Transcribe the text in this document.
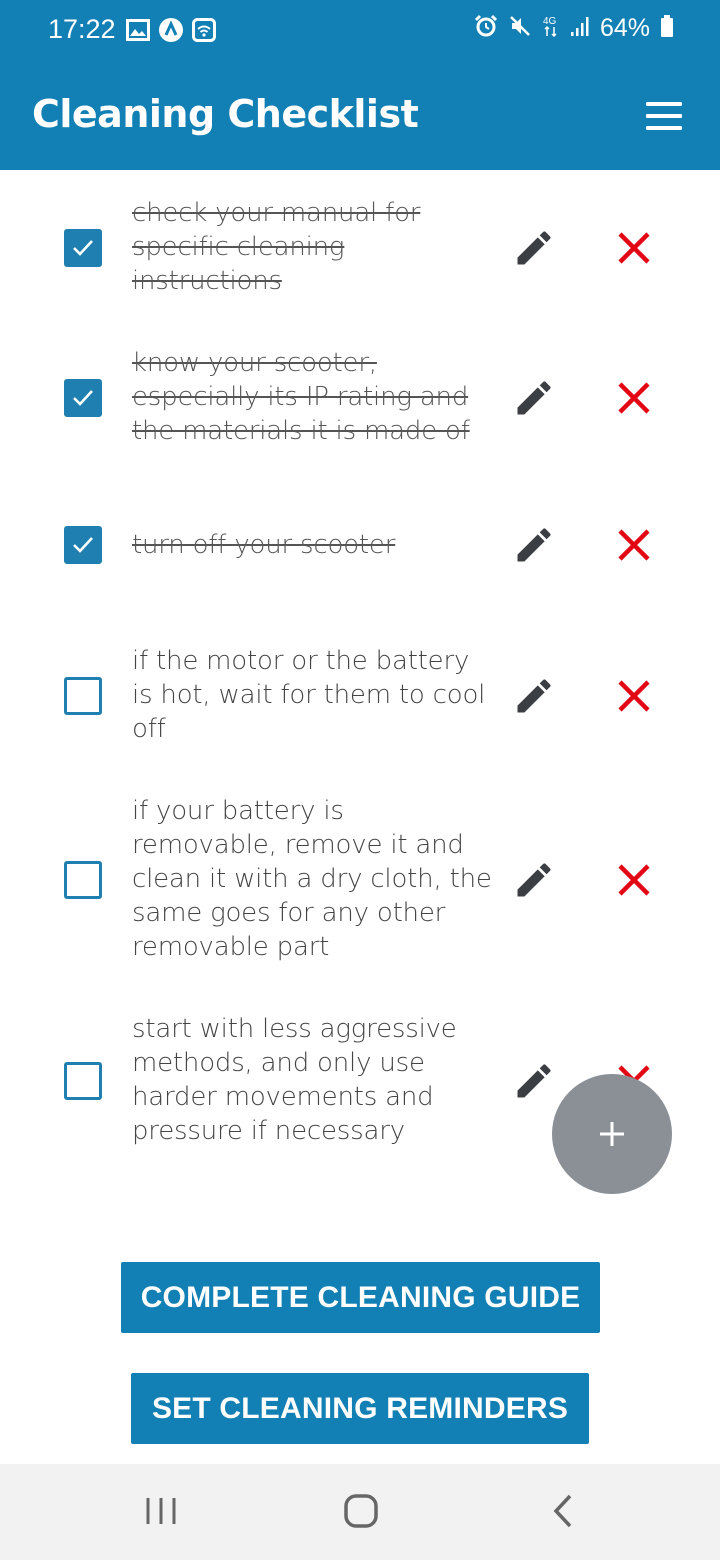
17:22	4G 64%
Cleaning Checklist
check your manual for specific cleaning instructions
know your scooter, especially its IP rating and the materials it is made of
turn off your scooter
if the motor or the battery is hot, wait for them to cool off
if your battery is removable, remove it and clean it with a dry cloth, the same goes for any other removable part
start with less aggressive methods, and only use harder movements and pressure if necessary
COMPLETE CLEANING GUIDE
SET CLEANING REMINDERS
